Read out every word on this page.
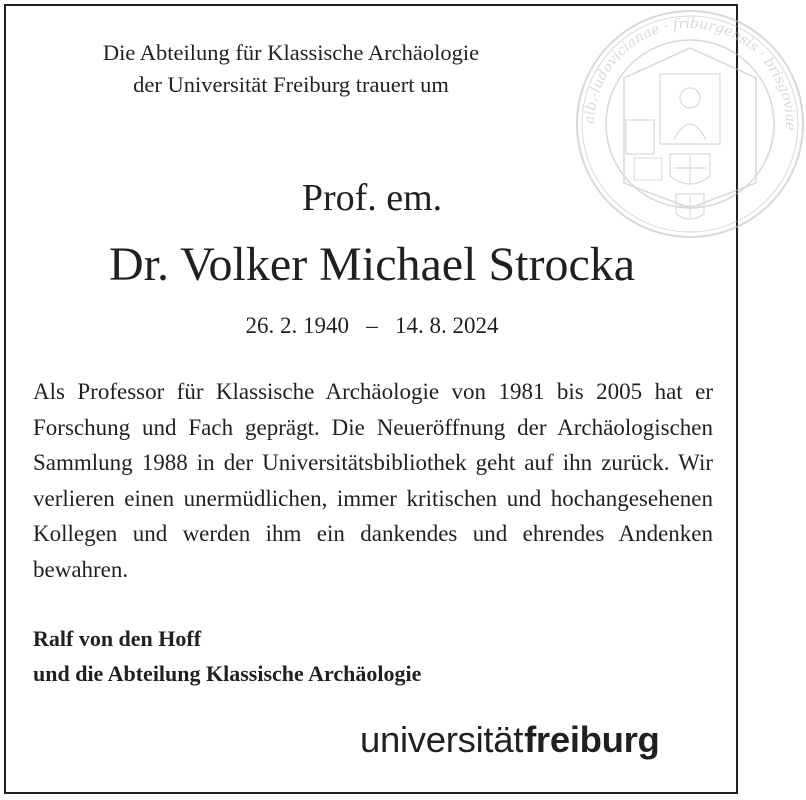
alb.-ludovicianae · friburgensis · brisgoviae
Die Abteilung für Klassische Archäologie
der Universität Freiburg trauert um
Prof. em.
Dr. Volker Michael Strocka
26. 2. 1940 – 14. 8. 2024
Als Professor für Klassische Archäologie von 1981 bis 2005 hat er Forschung und Fach geprägt. Die Neueröffnung der Archäologischen Sammlung 1988 in der Universitätsbibliothek geht auf ihn zurück. Wir verlieren einen unermüdlichen, immer kritischen und hochangesehenen Kollegen und werden ihm ein dankendes und ehrendes Andenken bewahren.
Ralf von den Hoff
und die Abteilung Klassische Archäologie
universitätfreiburg
